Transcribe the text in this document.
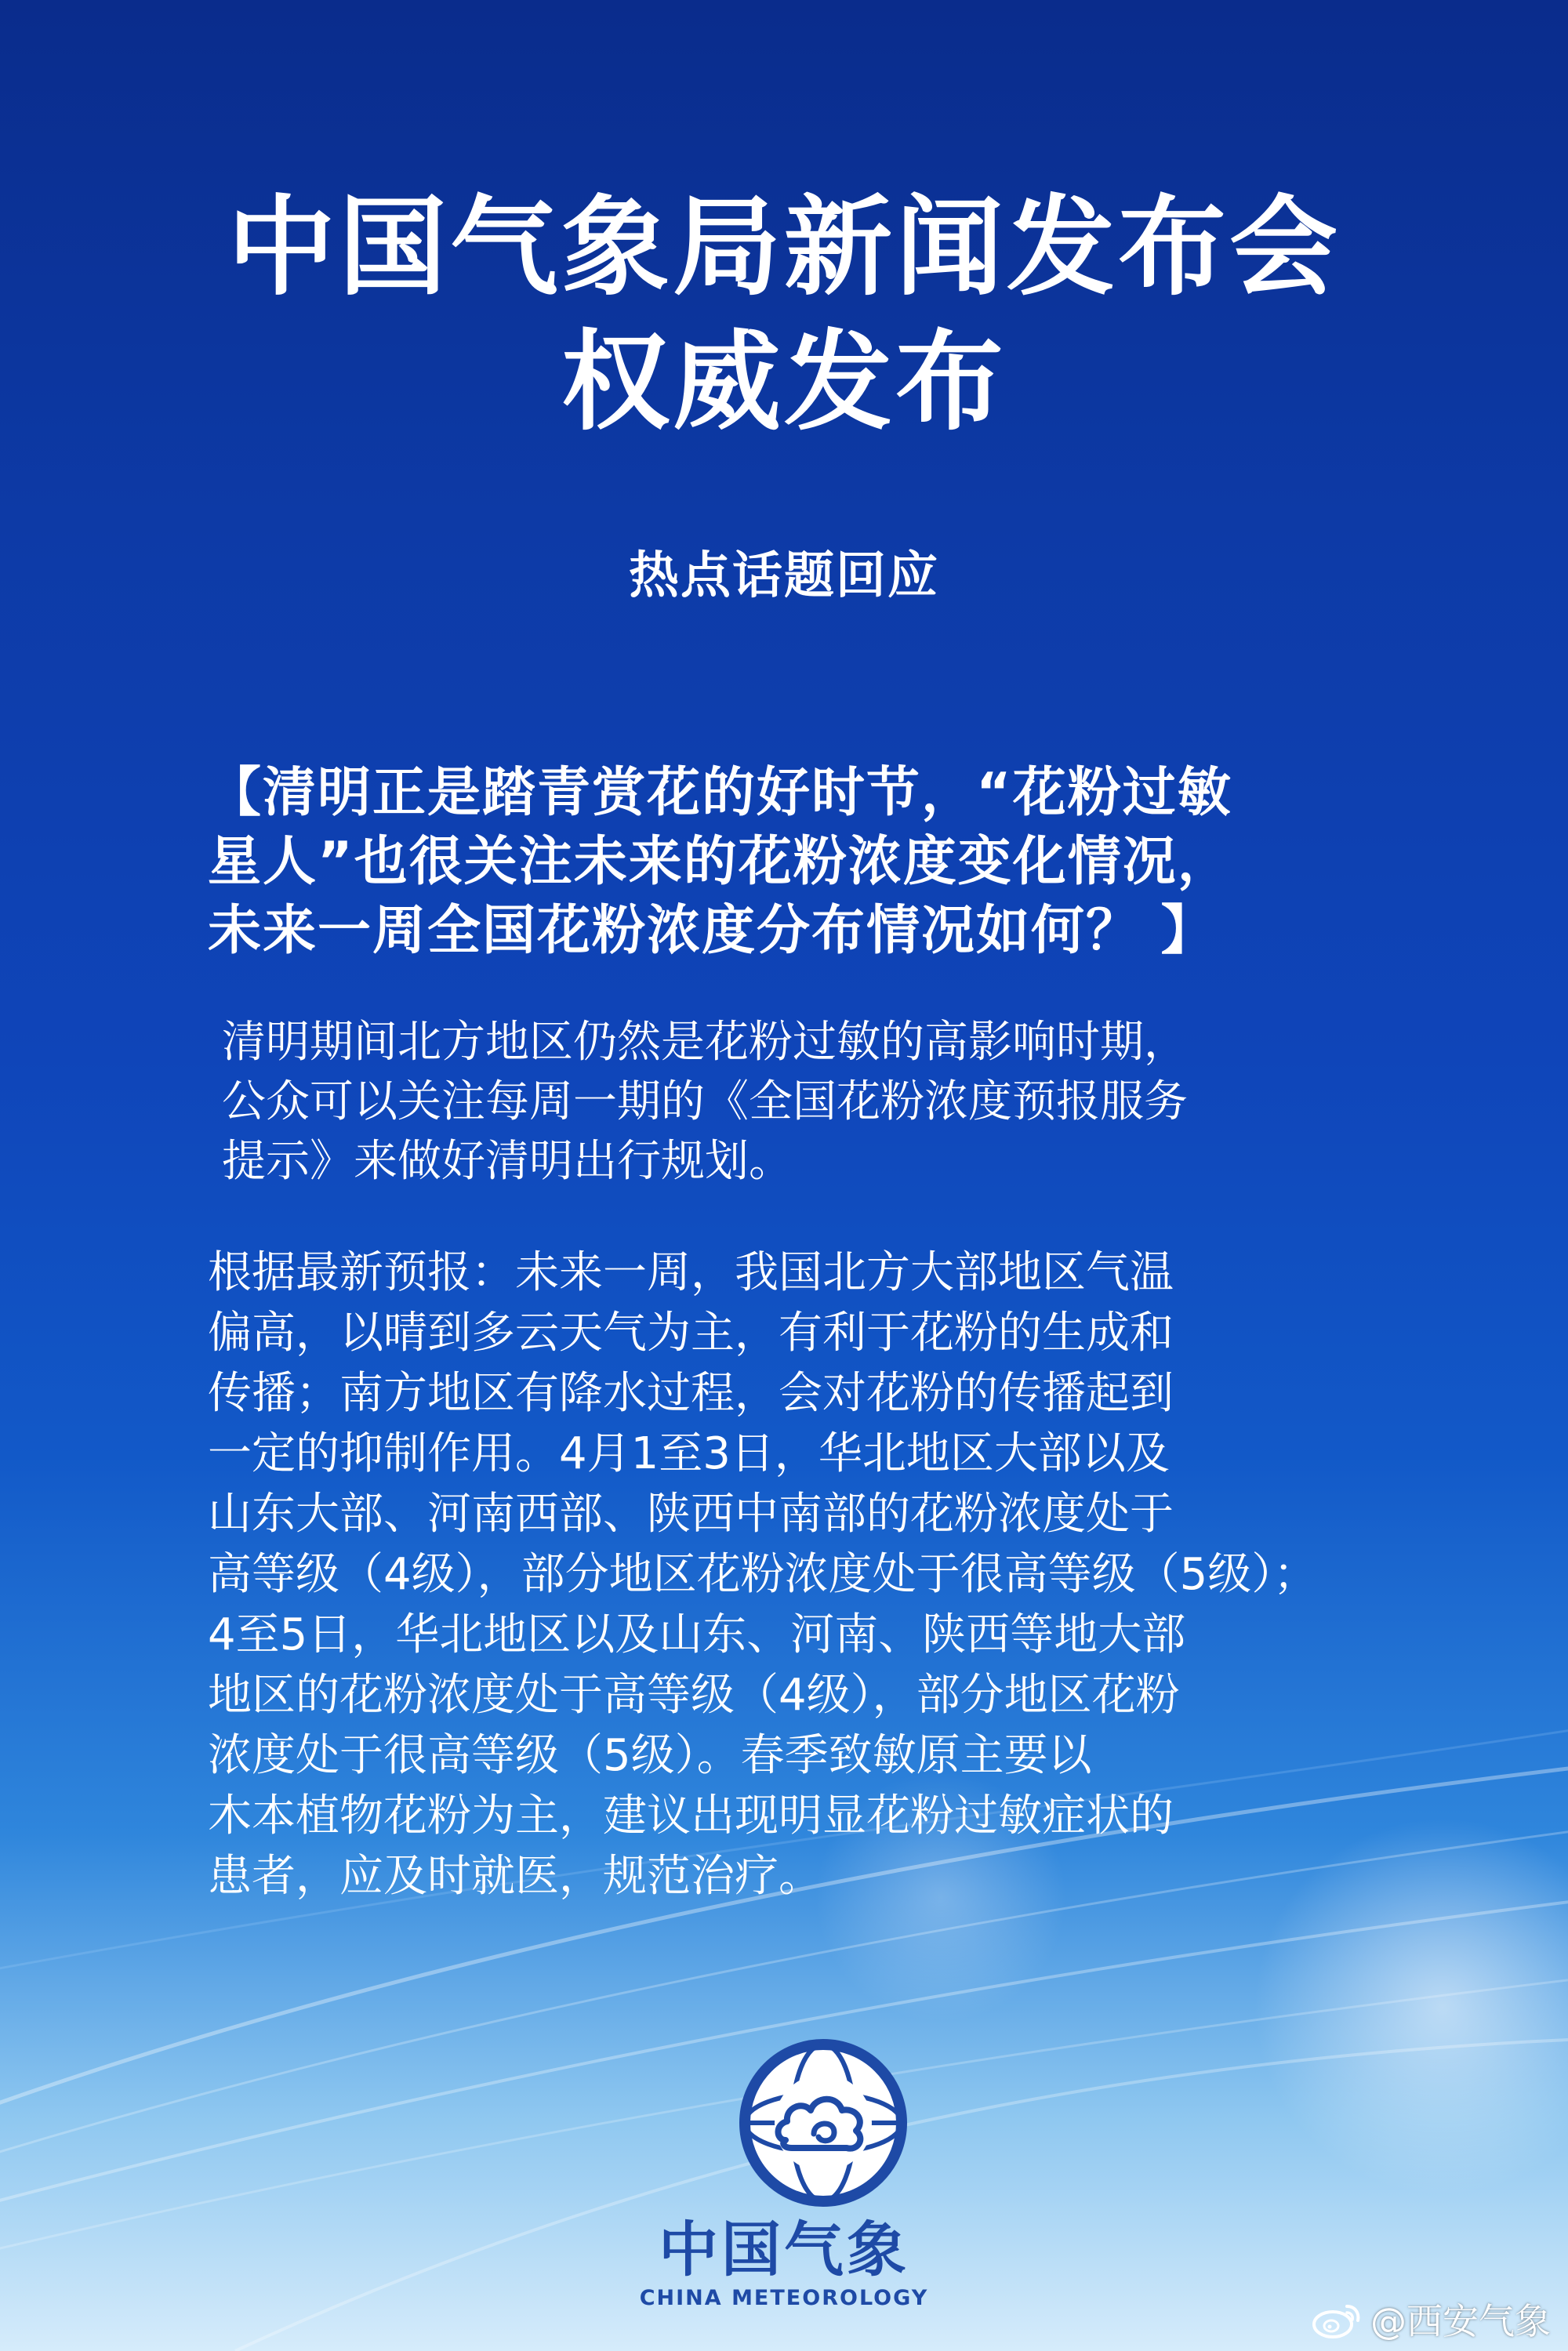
中国气象局新闻发布会
权威发布
热点话题回应
【清明正是踏青赏花的好时节，“花粉过敏
星人”也很关注未来的花粉浓度变化情况，
未来一周全国花粉浓度分布情况如何？ 】
清明期间北方地区仍然是花粉过敏的高影响时期，
公众可以关注每周一期的《全国花粉浓度预报服务
提示》来做好清明出行规划。
根据最新预报：未来一周，我国北方大部地区气温
偏高，以晴到多云天气为主，有利于花粉的生成和
传播；南方地区有降水过程，会对花粉的传播起到
一定的抑制作用。4月1至3日，华北地区大部以及
山东大部、河南西部、陕西中南部的花粉浓度处于
高等级（4级），部分地区花粉浓度处于很高等级（5级）；
4至5日，华北地区以及山东、河南、陕西等地大部
地区的花粉浓度处于高等级（4级），部分地区花粉
浓度处于很高等级（5级）。春季致敏原主要以
木本植物花粉为主，建议出现明显花粉过敏症状的
患者，应及时就医，规范治疗。
中国气象
CHINA METEOROLOGY
@西安气象
